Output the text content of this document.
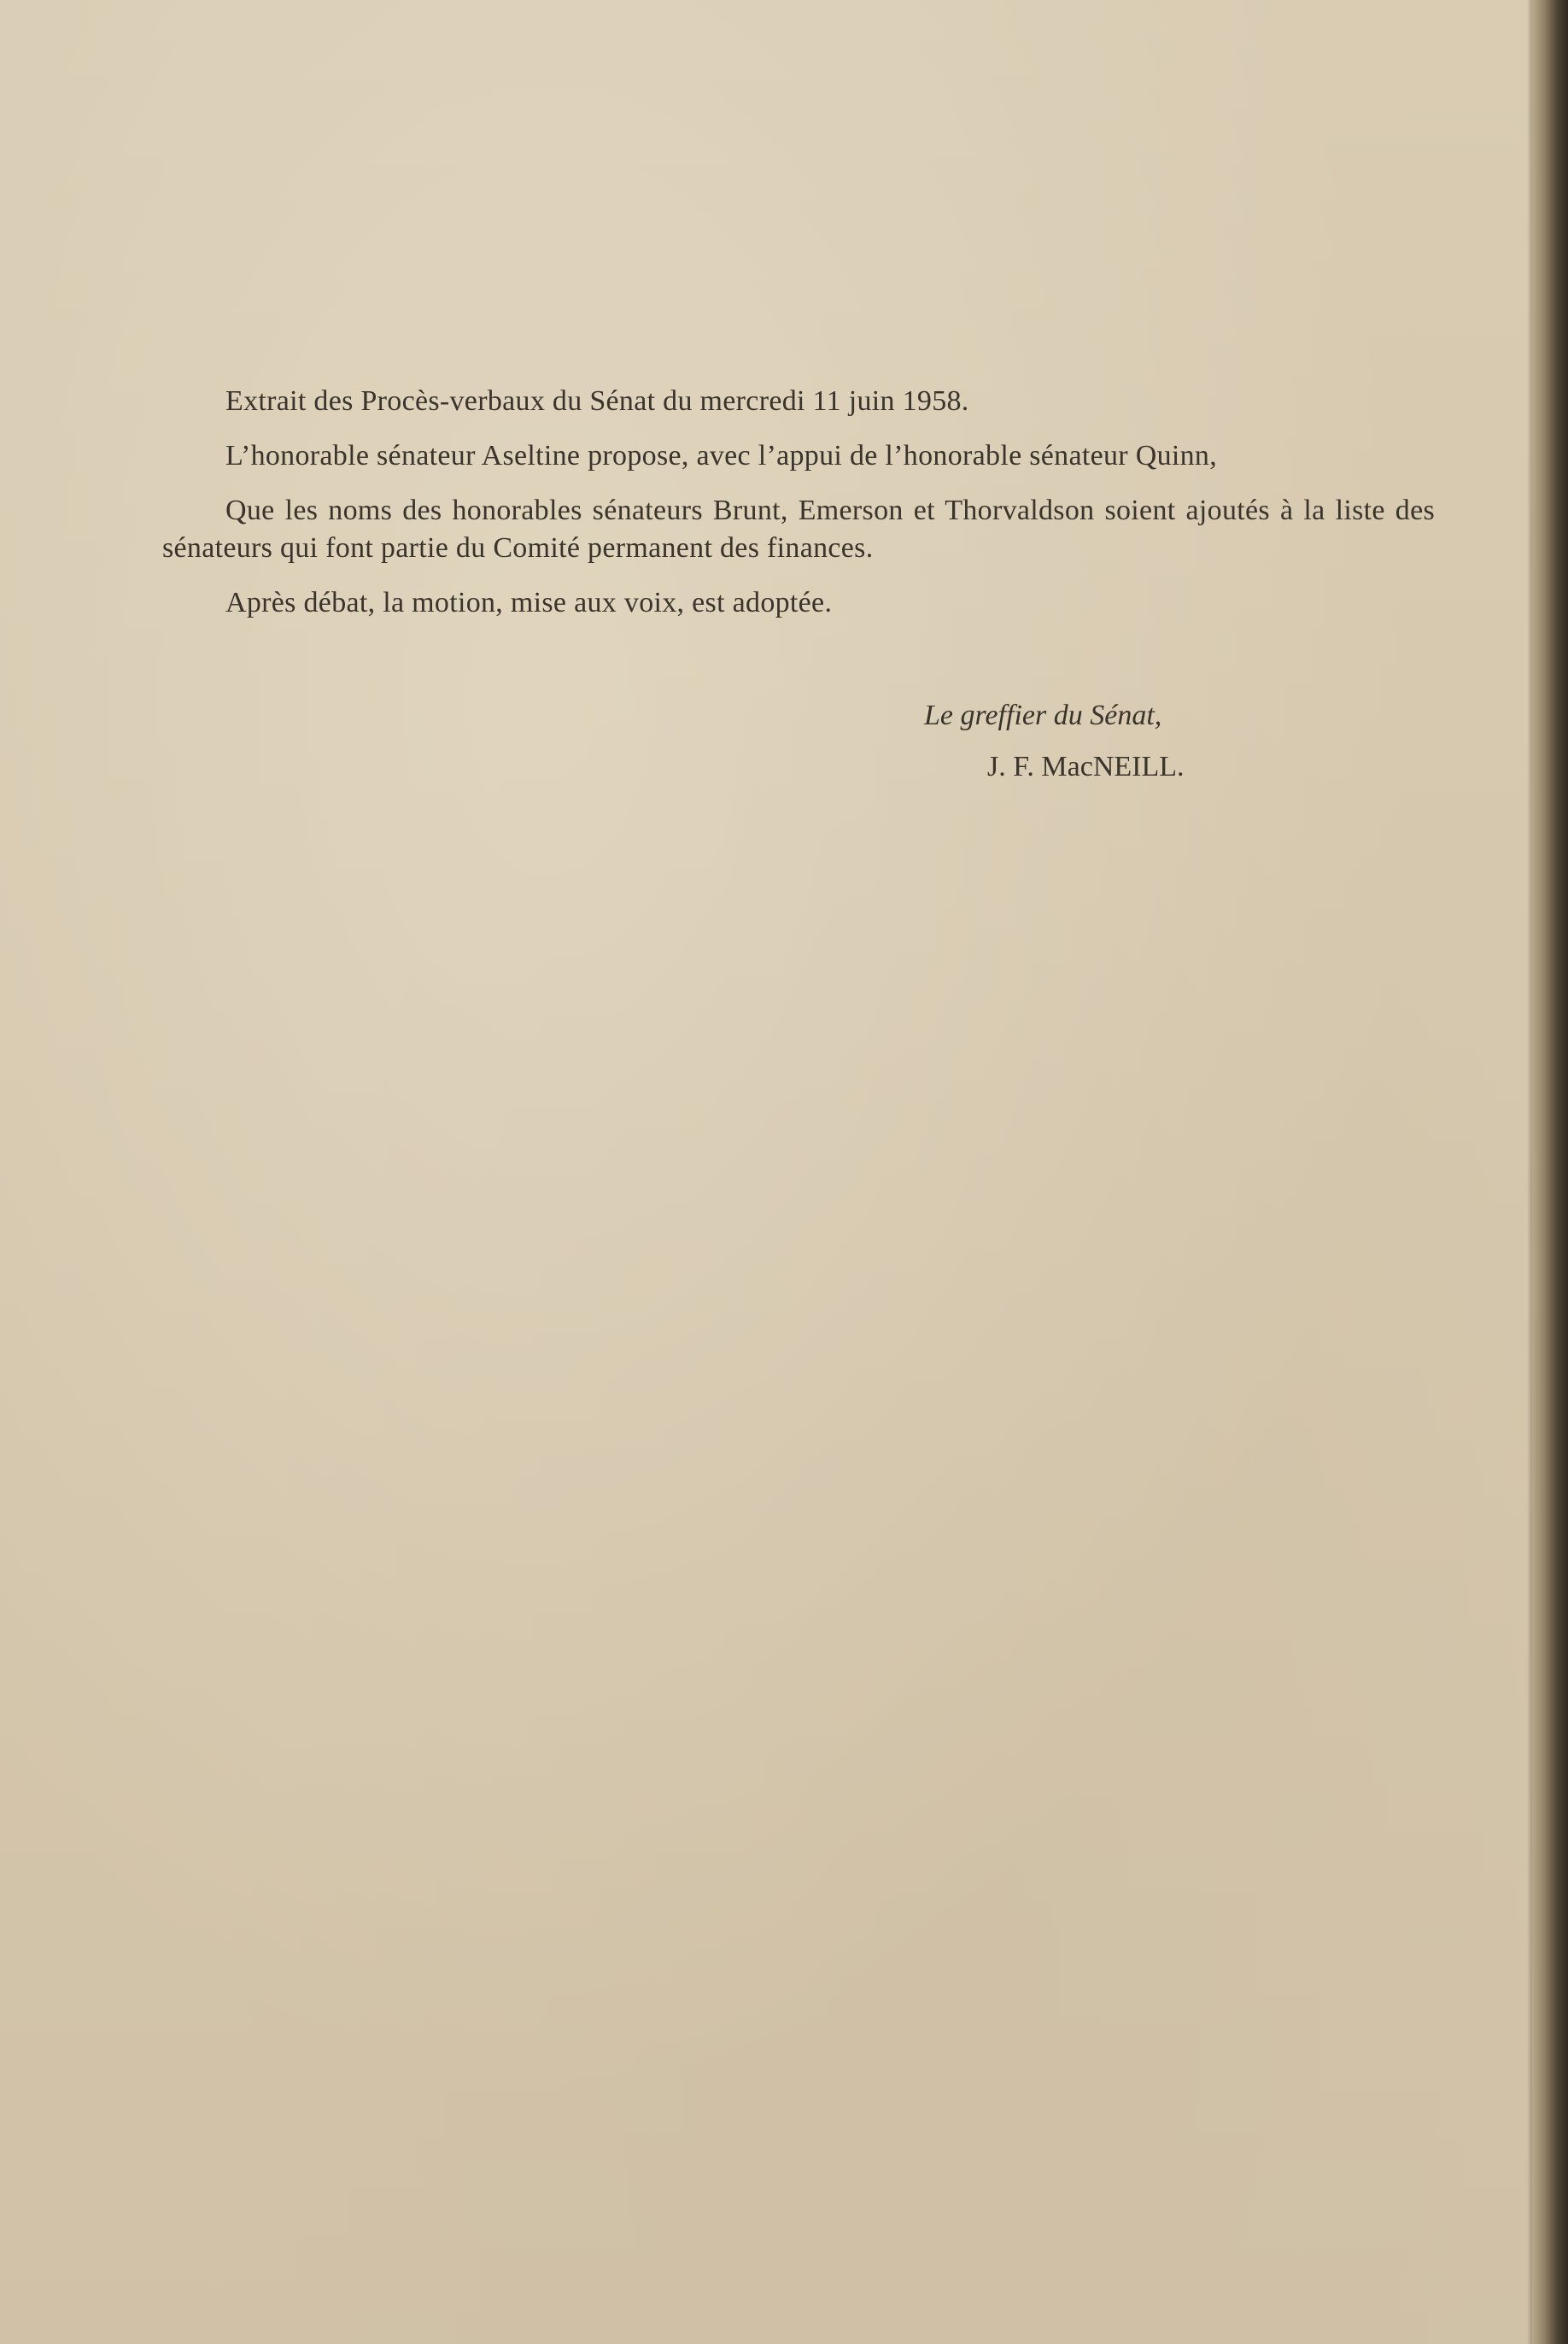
Extrait des Procès-verbaux du Sénat du mercredi 11 juin 1958.

L’honorable sénateur Aseltine propose, avec l’appui de l’honorable sénateur Quinn,

Que les noms des honorables sénateurs Brunt, Emerson et Thorvaldson soient ajoutés à la liste des sénateurs qui font partie du Comité permanent des finances.

Après débat, la motion, mise aux voix, est adoptée.

Le greffier du Sénat,
J. F. MacNEILL.
